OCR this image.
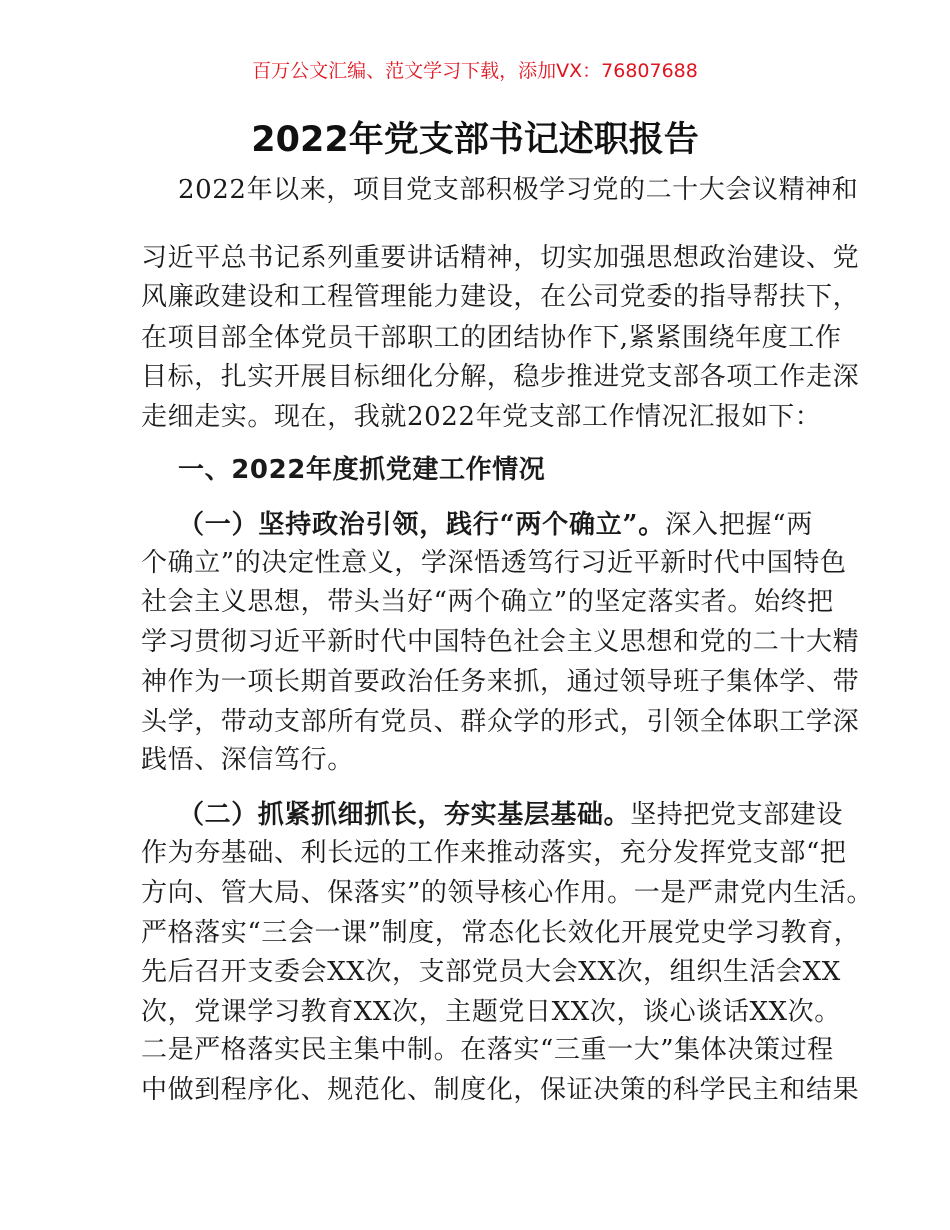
百万公文汇编、范文学习下载，添加VX：76807688
2022年党支部书记述职报告
2022年以来，项目党支部积极学习党的二十大会议精神和
习近平总书记系列重要讲话精神，切实加强思想政治建设、党
风廉政建设和工程管理能力建设，在公司党委的指导帮扶下，
在项目部全体党员干部职工的团结协作下,紧紧围绕年度工作
目标，扎实开展目标细化分解，稳步推进党支部各项工作走深
走细走实。现在，我就2022年党支部工作情况汇报如下：
一、2022年度抓党建工作情况
（一）坚持政治引领，践行“两个确立”。深入把握“两
个确立”的决定性意义，学深悟透笃行习近平新时代中国特色
社会主义思想，带头当好“两个确立”的坚定落实者。始终把
学习贯彻习近平新时代中国特色社会主义思想和党的二十大精
神作为一项长期首要政治任务来抓，通过领导班子集体学、带
头学，带动支部所有党员、群众学的形式，引领全体职工学深
践悟、深信笃行。
（二）抓紧抓细抓长，夯实基层基础。坚持把党支部建设
作为夯基础、利长远的工作来推动落实，充分发挥党支部“把
方向、管大局、保落实”的领导核心作用。一是严肃党内生活。
严格落实“三会一课”制度，常态化长效化开展党史学习教育，
先后召开支委会XX次，支部党员大会XX次，组织生活会XX
次，党课学习教育XX次，主题党日XX次，谈心谈话XX次。
二是严格落实民主集中制。在落实“三重一大”集体决策过程
中做到程序化、规范化、制度化，保证决策的科学民主和结果
